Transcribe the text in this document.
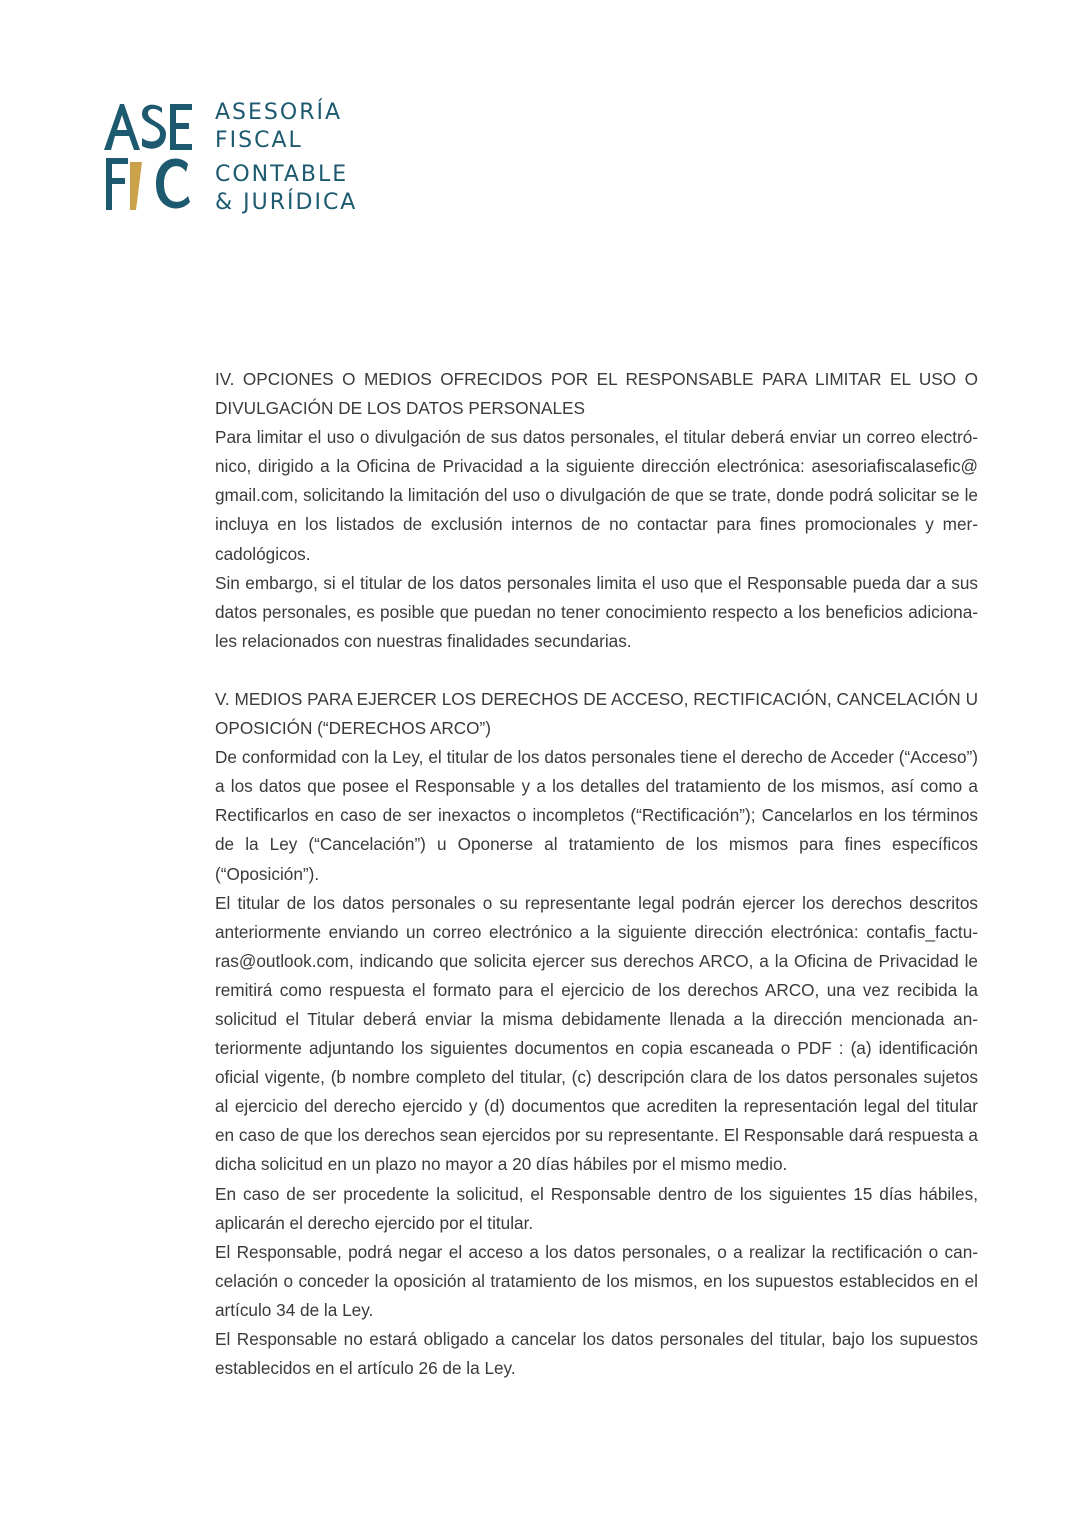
ASESORÍA
FISCAL
CONTABLE
& JURÍDICA

IV. OPCIONES O MEDIOS OFRECIDOS POR EL RESPONSABLE PARA LIMITAR EL USO O DIVULGACIÓN DE LOS DATOS PERSONALES

Para limitar el uso o divulgación de sus datos personales, el titular deberá enviar un correo electrónico, dirigido a la Oficina de Privacidad a la siguiente dirección electrónica: asesoriafiscalasefic@ gmail.com, solicitando la limitación del uso o divulgación de que se trate, donde podrá solicitar se le incluya en los listados de exclusión internos de no contactar para fines promocionales y mercadológicos.

Sin embargo, si el titular de los datos personales limita el uso que el Responsable pueda dar a sus datos personales, es posible que puedan no tener conocimiento respecto a los beneficios adicionales relacionados con nuestras finalidades secundarias.

V. MEDIOS PARA EJERCER LOS DERECHOS DE ACCESO, RECTIFICACIÓN, CANCELACIÓN U OPOSICIÓN (“DERECHOS ARCO”)

De conformidad con la Ley, el titular de los datos personales tiene el derecho de Acceder (“Acceso”) a los datos que posee el Responsable y a los detalles del tratamiento de los mismos, así como a Rectificarlos en caso de ser inexactos o incompletos (“Rectificación”); Cancelarlos en los términos de la Ley (“Cancelación”) u Oponerse al tratamiento de los mismos para fines específicos (“Oposición”).

El titular de los datos personales o su representante legal podrán ejercer los derechos descritos anteriormente enviando un correo electrónico a la siguiente dirección electrónica: contafis_facturas@outlook.com, indicando que solicita ejercer sus derechos ARCO, a la Oficina de Privacidad le remitirá como respuesta el formato para el ejercicio de los derechos ARCO, una vez recibida la solicitud el Titular deberá enviar la misma debidamente llenada a la dirección mencionada anteriormente adjuntando los siguientes documentos en copia escaneada o PDF : (a) identificación oficial vigente, (b nombre completo del titular, (c) descripción clara de los datos personales sujetos al ejercicio del derecho ejercido y (d) documentos que acrediten la representación legal del titular en caso de que los derechos sean ejercidos por su representante. El Responsable dará respuesta a dicha solicitud en un plazo no mayor a 20 días hábiles por el mismo medio.

En caso de ser procedente la solicitud, el Responsable dentro de los siguientes 15 días hábiles, aplicarán el derecho ejercido por el titular.

El Responsable, podrá negar el acceso a los datos personales, o a realizar la rectificación o cancelación o conceder la oposición al tratamiento de los mismos, en los supuestos establecidos en el artículo 34 de la Ley.

El Responsable no estará obligado a cancelar los datos personales del titular, bajo los supuestos establecidos en el artículo 26 de la Ley.
